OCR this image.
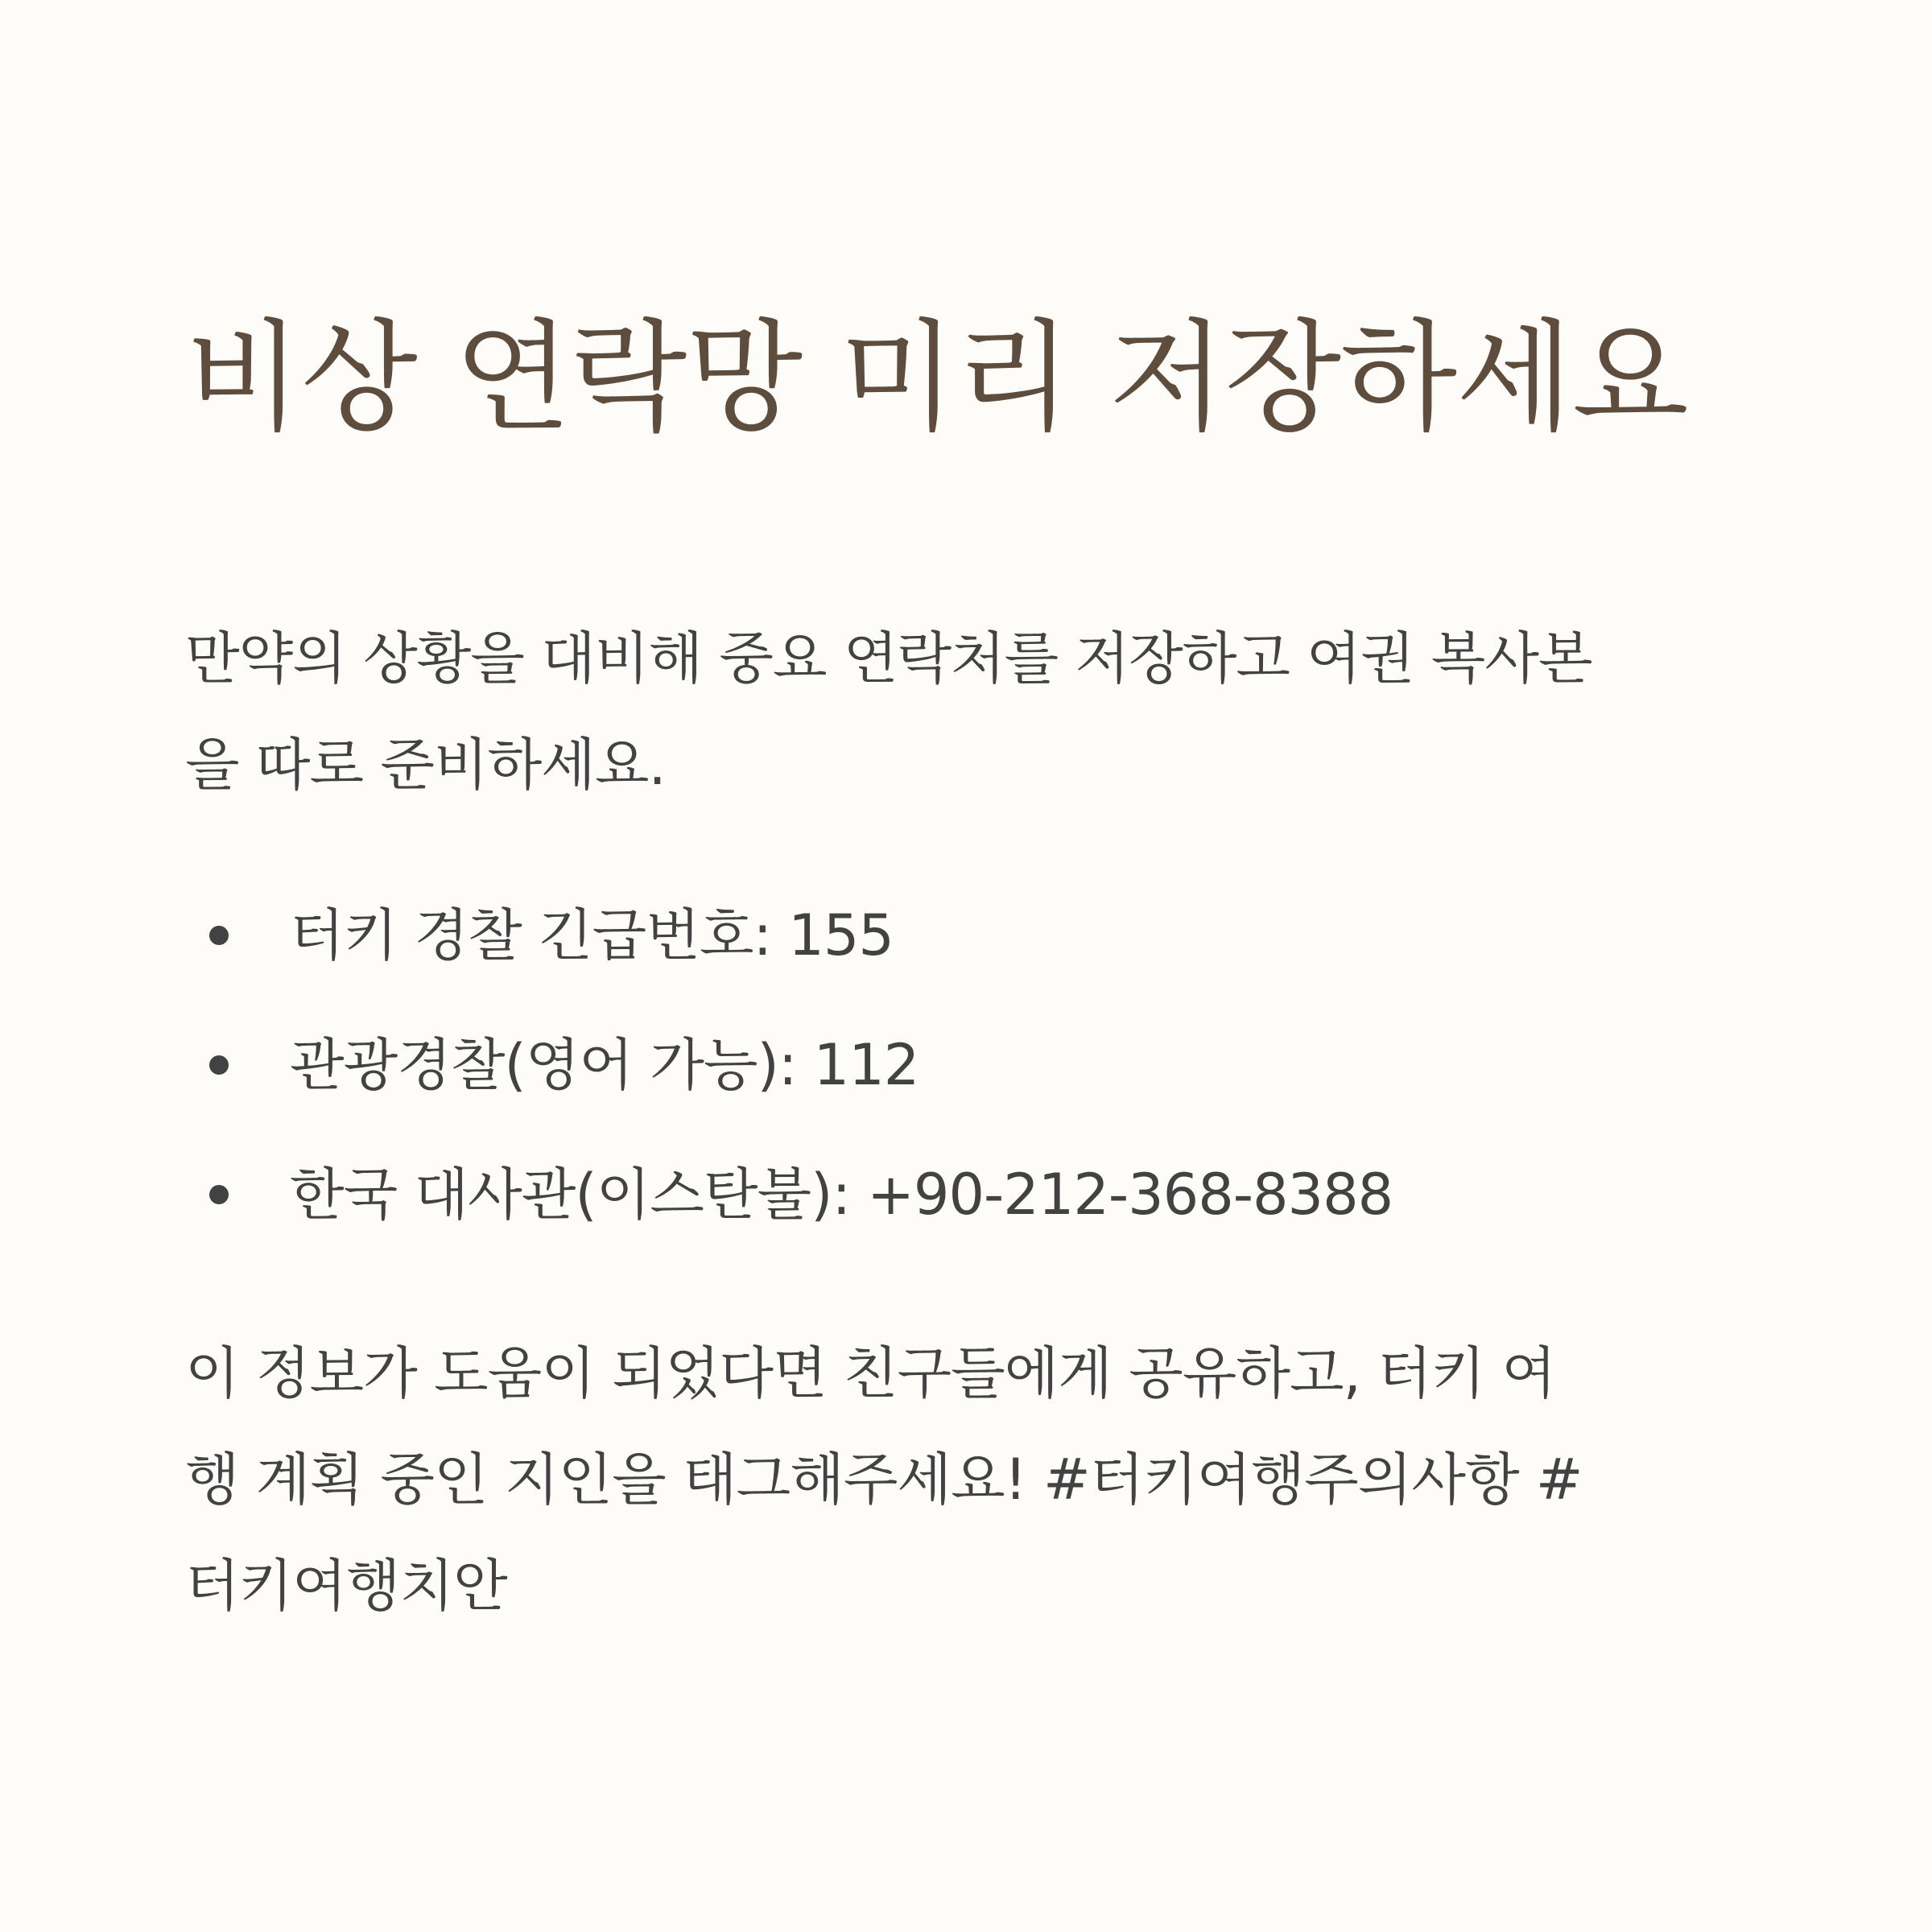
비상 연락망 미리 저장하세요

만약의 상황을 대비해 중요 연락처를 저장하고 여권 복사본
을 따로 준비하세요.

터키 경찰 긴급번호: 155
관광경찰(영어 가능): 112
한국 대사관(이스탄불): +90-212-368-8388

이 정보가 도움이 되었다면 친구들에게 공유하고, 터키 여
행 계획 중인 지인을 태그해주세요! #터키여행주의사항 #
터키여행치안
